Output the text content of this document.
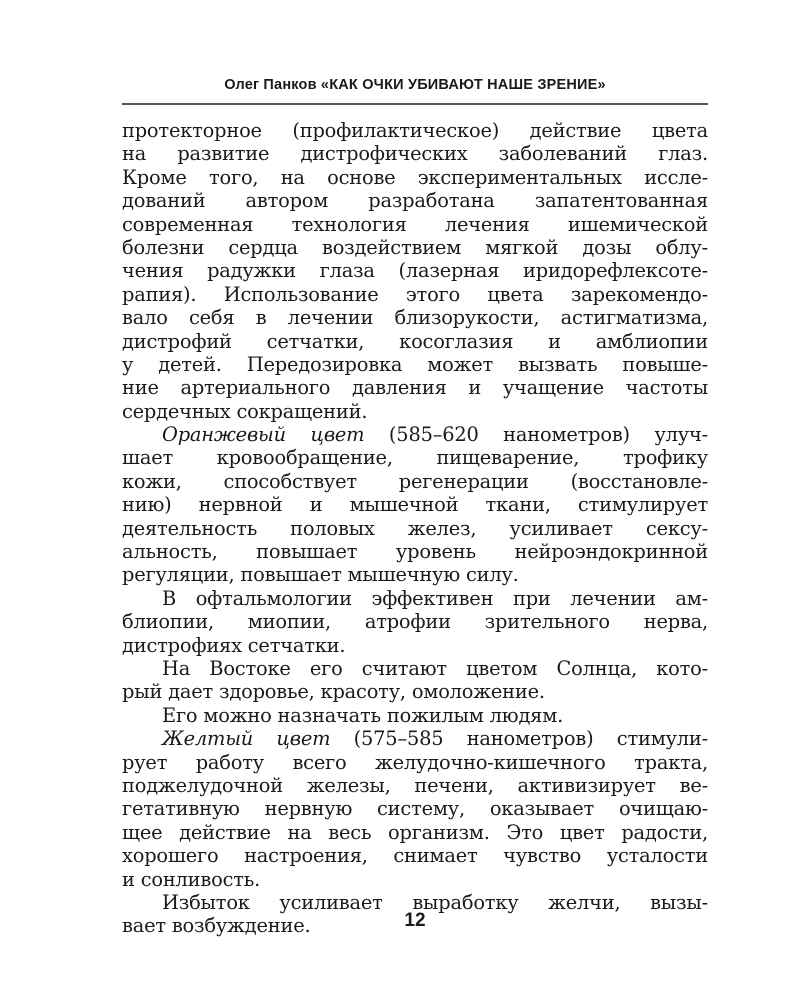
Олег Панков «КАК ОЧКИ УБИВАЮТ НАШЕ ЗРЕНИЕ»
протекторное (профилактическое) действие цвета
на развитие дистрофических заболеваний глаз.
Кроме того, на основе экспериментальных иссле-
дований автором разработана запатентованная
современная технология лечения ишемической
болезни сердца воздействием мягкой дозы облу-
чения радужки глаза (лазерная иридорефлексоте-
рапия). Использование этого цвета зарекомендо-
вало себя в лечении близорукости, астигматизма,
дистрофий сетчатки, косоглазия и амблиопии
у детей. Передозировка может вызвать повыше-
ние артериального давления и учащение частоты
сердечных сокращений.
Оранжевый цвет (585–620 нанометров) улуч-
шает кровообращение, пищеварение, трофику
кожи, способствует регенерации (восстановле-
нию) нервной и мышечной ткани, стимулирует
деятельность половых желез, усиливает сексу-
альность, повышает уровень нейроэндокринной
регуляции, повышает мышечную силу.
В офтальмологии эффективен при лечении ам-
блиопии, миопии, атрофии зрительного нерва,
дистрофиях сетчатки.
На Востоке его считают цветом Солнца, кото-
рый дает здоровье, красоту, омоложение.
Его можно назначать пожилым людям.
Желтый цвет (575–585 нанометров) стимули-
рует работу всего желудочно-кишечного тракта,
поджелудочной железы, печени, активизирует ве-
гетативную нервную систему, оказывает очищаю-
щее действие на весь организм. Это цвет радости,
хорошего настроения, снимает чувство усталости
и сонливость.
Избыток усиливает выработку желчи, вызы-
вает возбуждение.	12
